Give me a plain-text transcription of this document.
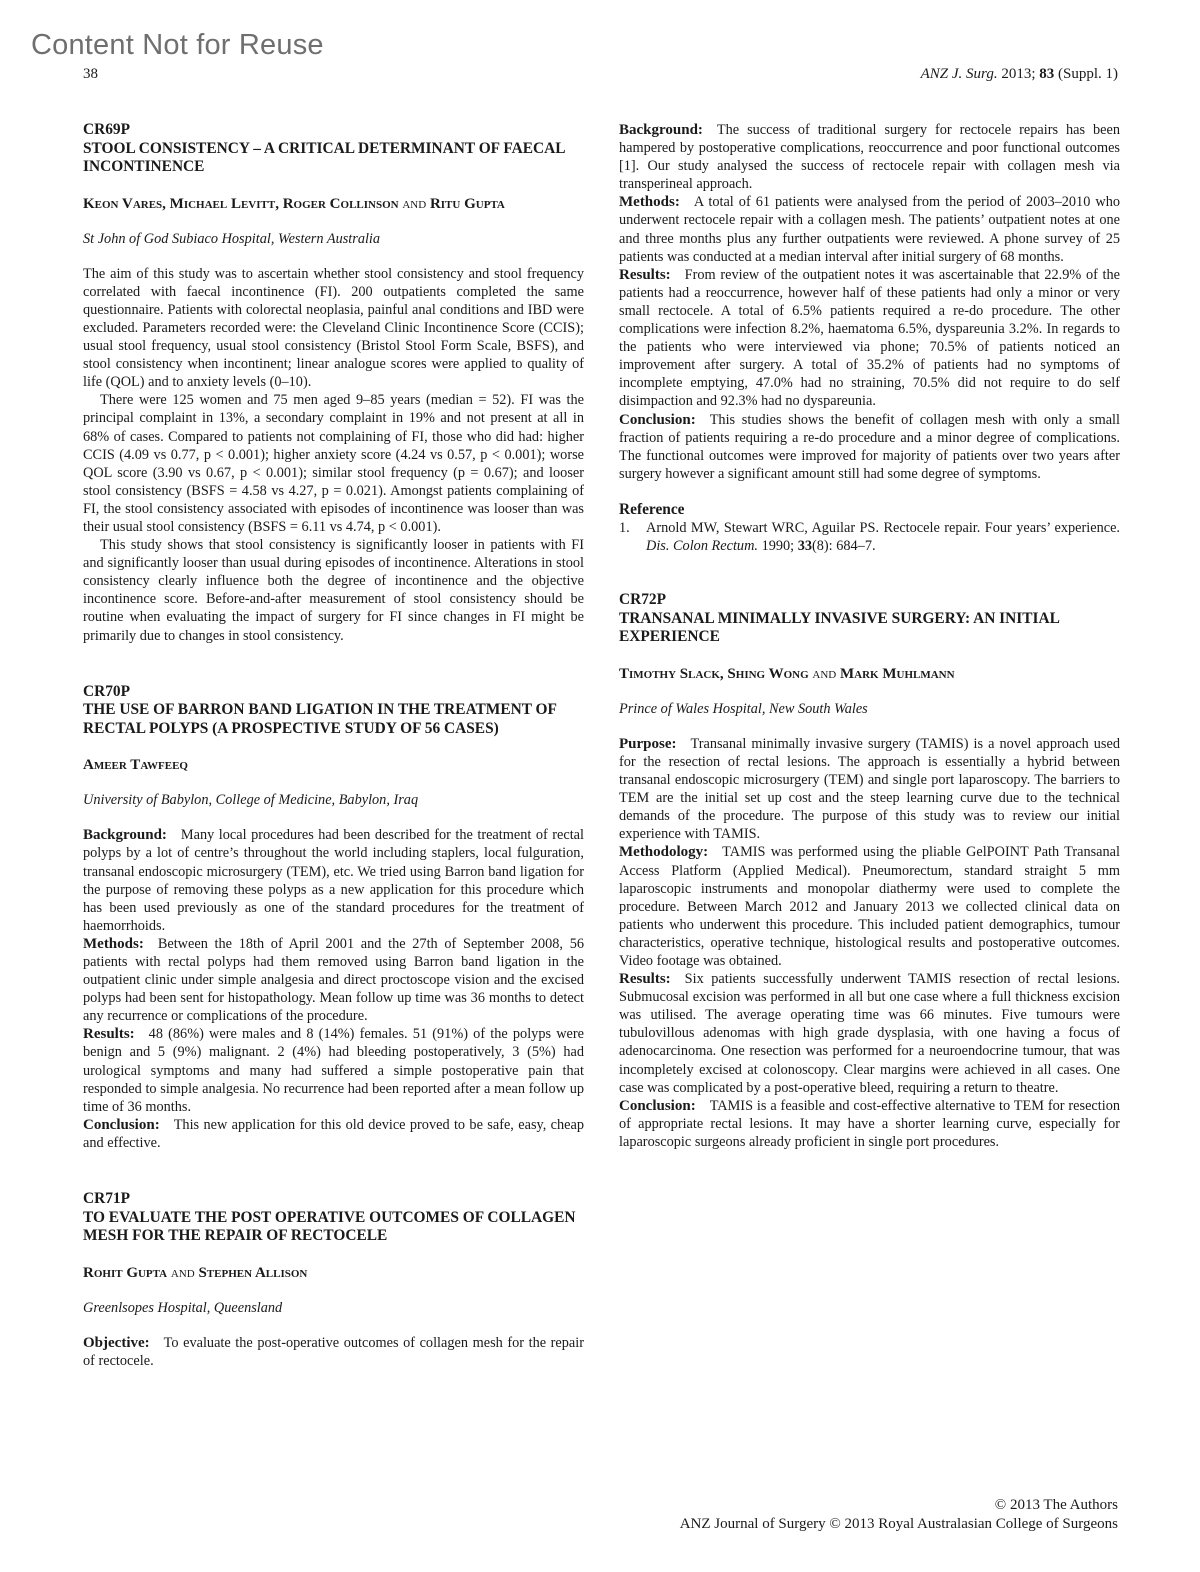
Content Not for Reuse
38	ANZ J. Surg. 2013; 83 (Suppl. 1)
CR69P
STOOL CONSISTENCY – A CRITICAL DETERMINANT OF FAECAL INCONTINENCE
Keon Vares, Michael Levitt, Roger Collinson and Ritu Gupta
St John of God Subiaco Hospital, Western Australia

The aim of this study was to ascertain whether stool consistency and stool frequency correlated with faecal incontinence (FI). 200 outpatients completed the same questionnaire. Patients with colorectal neoplasia, painful anal conditions and IBD were excluded. Parameters recorded were: the Cleveland Clinic Incontinence Score (CCIS); usual stool frequency, usual stool consistency (Bristol Stool Form Scale, BSFS), and stool consistency when incontinent; linear analogue scores were applied to quality of life (QOL) and to anxiety levels (0–10).

There were 125 women and 75 men aged 9–85 years (median = 52). FI was the principal complaint in 13%, a secondary complaint in 19% and not present at all in 68% of cases. Compared to patients not complaining of FI, those who did had: higher CCIS (4.09 vs 0.77, p < 0.001); higher anxiety score (4.24 vs 0.57, p < 0.001); worse QOL score (3.90 vs 0.67, p < 0.001); similar stool frequency (p = 0.67); and looser stool consistency (BSFS = 4.58 vs 4.27, p = 0.021). Amongst patients complaining of FI, the stool consistency associated with episodes of incontinence was looser than was their usual stool consistency (BSFS = 6.11 vs 4.74, p < 0.001).

This study shows that stool consistency is significantly looser in patients with FI and significantly looser than usual during episodes of incontinence. Alterations in stool consistency clearly influence both the degree of incontinence and the objective incontinence score. Before-and-after measurement of stool consistency should be routine when evaluating the impact of surgery for FI since changes in FI might be primarily due to changes in stool consistency.

CR70P
THE USE OF BARRON BAND LIGATION IN THE TREATMENT OF RECTAL POLYPS (A PROSPECTIVE STUDY OF 56 CASES)
Ameer Tawfeeq
University of Babylon, College of Medicine, Babylon, Iraq

Background: Many local procedures had been described for the treatment of rectal polyps by a lot of centre’s throughout the world including staplers, local fulguration, transanal endoscopic microsurgery (TEM), etc. We tried using Barron band ligation for the purpose of removing these polyps as a new application for this procedure which has been used previously as one of the standard procedures for the treatment of haemorrhoids.

Methods: Between the 18th of April 2001 and the 27th of September 2008, 56 patients with rectal polyps had them removed using Barron band ligation in the outpatient clinic under simple analgesia and direct proctoscope vision and the excised polyps had been sent for histopathology. Mean follow up time was 36 months to detect any recurrence or complications of the procedure.

Results: 48 (86%) were males and 8 (14%) females. 51 (91%) of the polyps were benign and 5 (9%) malignant. 2 (4%) had bleeding postoperatively, 3 (5%) had urological symptoms and many had suffered a simple postoperative pain that responded to simple analgesia. No recurrence had been reported after a mean follow up time of 36 months.

Conclusion: This new application for this old device proved to be safe, easy, cheap and effective.

CR71P
TO EVALUATE THE POST OPERATIVE OUTCOMES OF COLLAGEN MESH FOR THE REPAIR OF RECTOCELE
Rohit Gupta and Stephen Allison
Greenlsopes Hospital, Queensland

Objective: To evaluate the post-operative outcomes of collagen mesh for the repair of rectocele.

Background: The success of traditional surgery for rectocele repairs has been hampered by postoperative complications, reoccurrence and poor functional outcomes [1]. Our study analysed the success of rectocele repair with collagen mesh via transperineal approach.

Methods: A total of 61 patients were analysed from the period of 2003–2010 who underwent rectocele repair with a collagen mesh. The patients’ outpatient notes at one and three months plus any further outpatients were reviewed. A phone survey of 25 patients was conducted at a median interval after initial surgery of 68 months.

Results: From review of the outpatient notes it was ascertainable that 22.9% of the patients had a reoccurrence, however half of these patients had only a minor or very small rectocele. A total of 6.5% patients required a re-do procedure. The other complications were infection 8.2%, haematoma 6.5%, dyspareunia 3.2%. In regards to the patients who were interviewed via phone; 70.5% of patients noticed an improvement after surgery. A total of 35.2% of patients had no symptoms of incomplete emptying, 47.0% had no straining, 70.5% did not require to do self disimpaction and 92.3% had no dyspareunia.

Conclusion: This studies shows the benefit of collagen mesh with only a small fraction of patients requiring a re-do procedure and a minor degree of complications. The functional outcomes were improved for majority of patients over two years after surgery however a significant amount still had some degree of symptoms.

Reference
1.	Arnold MW, Stewart WRC, Aguilar PS. Rectocele repair. Four years’ experience. Dis. Colon Rectum. 1990; 33(8): 684–7.
CR72P
TRANSANAL MINIMALLY INVASIVE SURGERY: AN INITIAL EXPERIENCE
Timothy Slack, Shing Wong and Mark Muhlmann
Prince of Wales Hospital, New South Wales

Purpose: Transanal minimally invasive surgery (TAMIS) is a novel approach used for the resection of rectal lesions. The approach is essentially a hybrid between transanal endoscopic microsurgery (TEM) and single port laparoscopy. The barriers to TEM are the initial set up cost and the steep learning curve due to the technical demands of the procedure. The purpose of this study was to review our initial experience with TAMIS.

Methodology: TAMIS was performed using the pliable GelPOINT Path Transanal Access Platform (Applied Medical). Pneumorectum, standard straight 5 mm laparoscopic instruments and monopolar diathermy were used to complete the procedure. Between March 2012 and January 2013 we collected clinical data on patients who underwent this procedure. This included patient demographics, tumour characteristics, operative technique, histological results and postoperative outcomes. Video footage was obtained.

Results: Six patients successfully underwent TAMIS resection of rectal lesions. Submucosal excision was performed in all but one case where a full thickness excision was utilised. The average operating time was 66 minutes. Five tumours were tubulovillous adenomas with high grade dysplasia, with one having a focus of adenocarcinoma. One resection was performed for a neuroendocrine tumour, that was incompletely excised at colonoscopy. Clear margins were achieved in all cases. One case was complicated by a post-operative bleed, requiring a return to theatre.

Conclusion: TAMIS is a feasible and cost-effective alternative to TEM for resection of appropriate rectal lesions. It may have a shorter learning curve, especially for laparoscopic surgeons already proficient in single port procedures.

© 2013 The Authors
ANZ Journal of Surgery © 2013 Royal Australasian College of Surgeons
